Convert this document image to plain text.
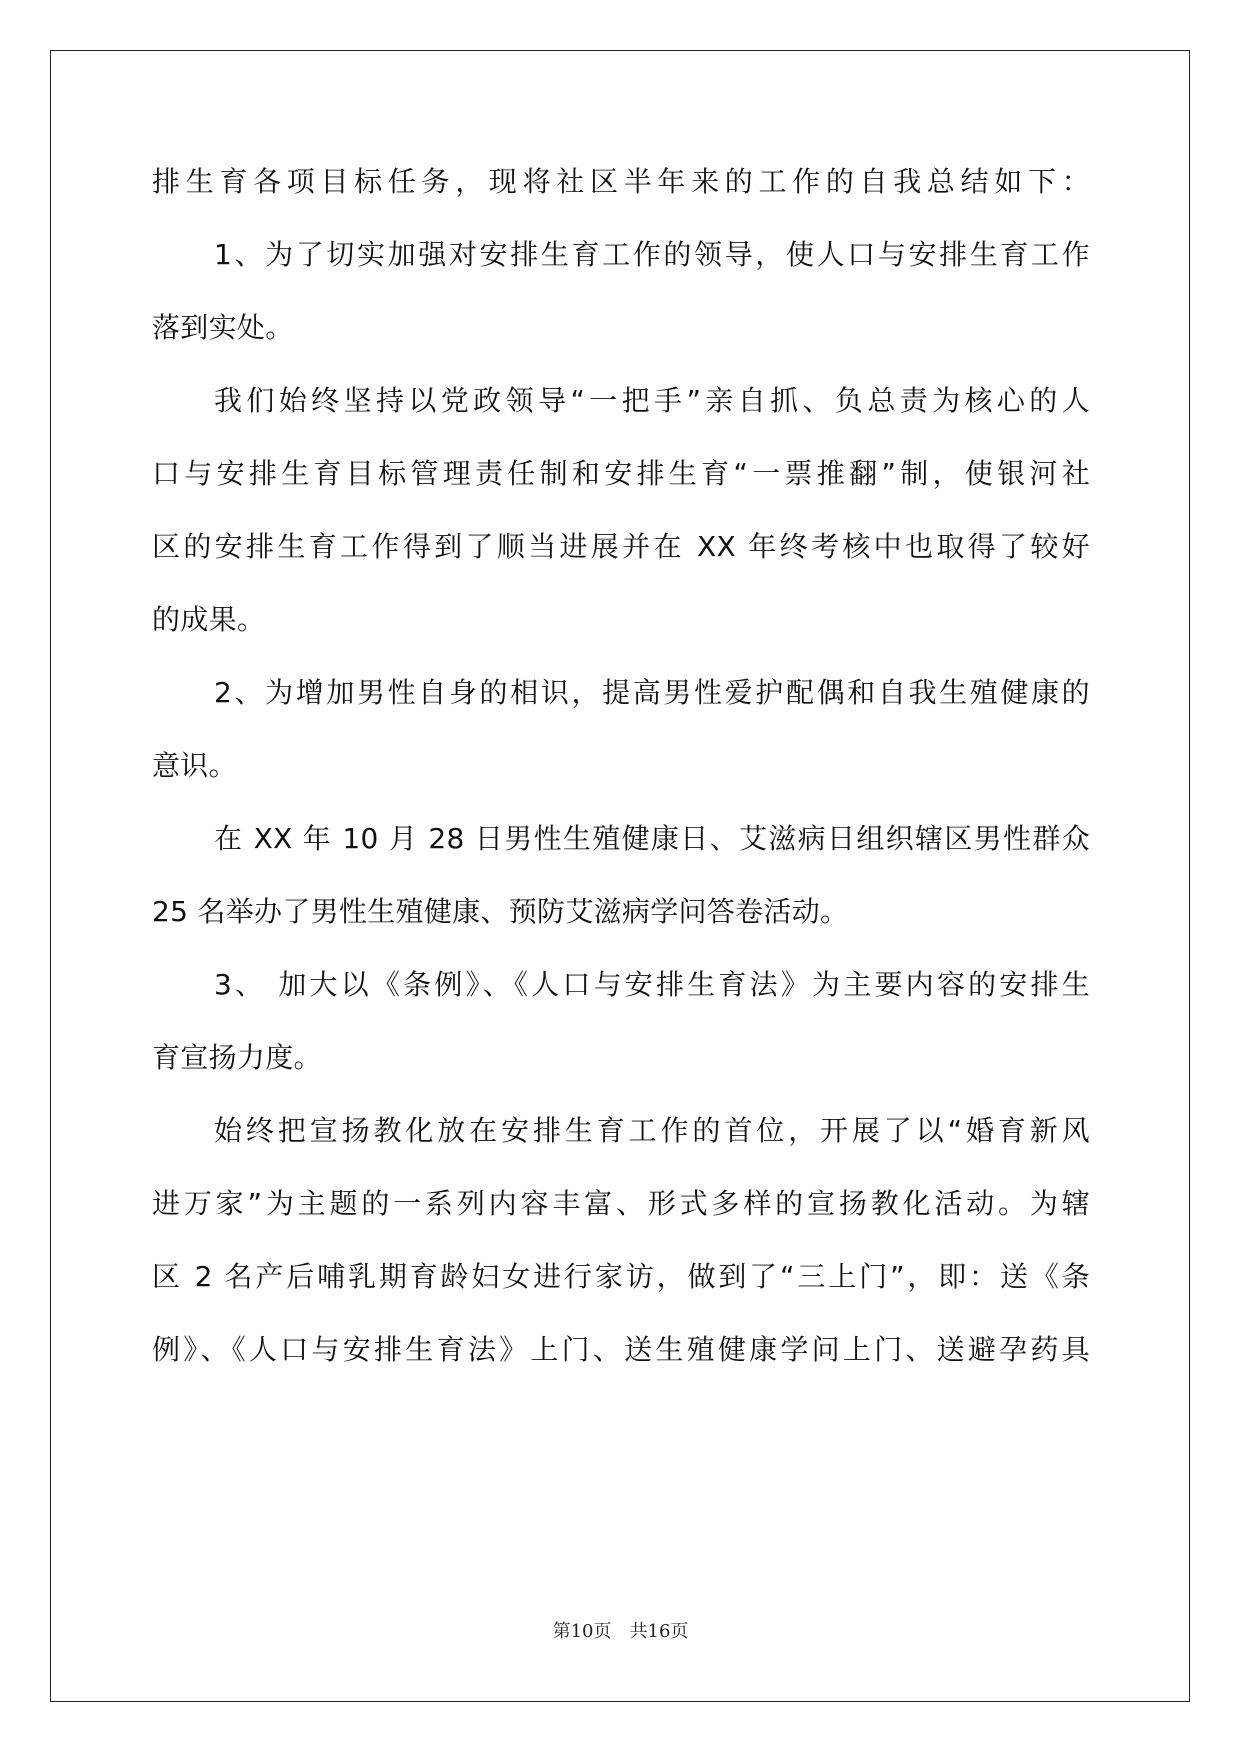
排生育各项目标任务，现将社区半年来的工作的自我总结如下：
1、为了切实加强对安排生育工作的领导，使人口与安排生育工作
落到实处。
我们始终坚持以党政领导“一把手”亲自抓、负总责为核心的人
口与安排生育目标管理责任制和安排生育“一票推翻”制，使银河社
区的安排生育工作得到了顺当进展并在 XX 年终考核中也取得了较好
的成果。
2、为增加男性自身的相识，提高男性爱护配偶和自我生殖健康的
意识。
在 XX 年 10 月 28 日男性生殖健康日、艾滋病日组织辖区男性群众
25 名举办了男性生殖健康、预防艾滋病学问答卷活动。
3、 加大以《条例》、《人口与安排生育法》为主要内容的安排生
育宣扬力度。
始终把宣扬教化放在安排生育工作的首位，开展了以“婚育新风
进万家”为主题的一系列内容丰富、形式多样的宣扬教化活动。为辖
区 2 名产后哺乳期育龄妇女进行家访，做到了“三上门”，即：送《条
例》、《人口与安排生育法》上门、送生殖健康学问上门、送避孕药具
第10页　共16页
